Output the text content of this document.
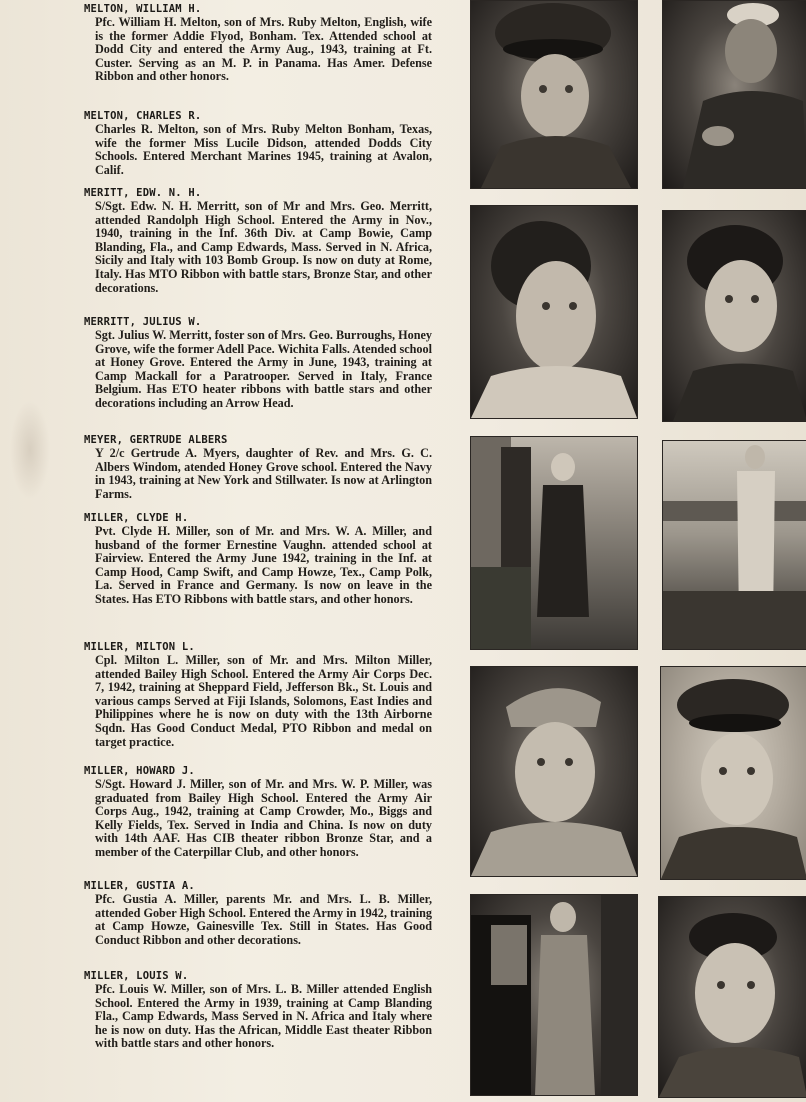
MELTON, WILLIAM H.

Pfc. William H. Melton, son of Mrs. Ruby Melton, English, wife is the former Addie Flyod, Bonham. Tex. Attended school at Dodd City and entered the Army Aug., 1943, training at Ft. Custer. Serving as an M. P. in Panama. Has Amer. Defense Ribbon and other honors.

MELTON, CHARLES R.

Charles R. Melton, son of Mrs. Ruby Melton Bonham, Texas, wife the former Miss Lucile Didson, attended Dodds City Schools. Entered Merchant Marines 1945, training at Avalon, Calif.

MERITT, EDW. N. H.

S/Sgt. Edw. N. H. Merritt, son of Mr and Mrs. Geo. Merritt, attended Randolph High School. Entered the Army in Nov., 1940, training in the Inf. 36th Div. at Camp Bowie, Camp Blanding, Fla., and Camp Edwards, Mass. Served in N. Africa, Sicily and Italy with 103 Bomb Group. Is now on duty at Rome, Italy. Has MTO Ribbon with battle stars, Bronze Star, and other decorations.

MERRITT, JULIUS W.

Sgt. Julius W. Merritt, foster son of Mrs. Geo. Burroughs, Honey Grove, wife the former Adell Pace. Wichita Falls. Atended school at Honey Grove. Entered the Army in June, 1943, training at Camp Mackall for a Paratrooper. Served in Italy, France Belgium. Has ETO heater ribbons with battle stars and other decorations including an Arrow Head.

MEYER, GERTRUDE ALBERS

Y 2/c Gertrude A. Myers, daughter of Rev. and Mrs. G. C. Albers Windom, atended Honey Grove school. Entered the Navy in 1943, training at New York and Stillwater. Is now at Arlington Farms.

MILLER, CLYDE H.

Pvt. Clyde H. Miller, son of Mr. and Mrs. W. A. Miller, and husband of the former Ernestine Vaughn. attended school at Fairview. Entered the Army June 1942, training in the Inf. at Camp Hood, Camp Swift, and Camp Howze, Tex., Camp Polk, La. Served in France and Germany. Is now on leave in the States. Has ETO Ribbons with battle stars, and other honors.

MILLER, MILTON L.

Cpl. Milton L. Miller, son of Mr. and Mrs. Milton Miller, attended Bailey High School. Entered the Army Air Corps Dec. 7, 1942, training at Sheppard Field, Jefferson Bk., St. Louis and various camps Served at Fiji Islands, Solomons, East Indies and Philippines where he is now on duty with the 13th Airborne Sqdn. Has Good Conduct Medal, PTO Ribbon and medal on target practice.

MILLER, HOWARD J.

S/Sgt. Howard J. Miller, son of Mr. and Mrs. W. P. Miller, was graduated from Bailey High School. Entered the Army Air Corps Aug., 1942, training at Camp Crowder, Mo., Biggs and Kelly Fields, Tex. Served in India and China. Is now on duty with 14th AAF. Has CIB theater ribbon Bronze Star, and a member of the Caterpillar Club, and other honors.

MILLER, GUSTIA A.

Pfc. Gustia A. Miller, parents Mr. and Mrs. L. B. Miller, attended Gober High School. Entered the Army in 1942, training at Camp Howze, Gainesville Tex. Still in States. Has Good Conduct Ribbon and other decorations.

MILLER, LOUIS W.

Pfc. Louis W. Miller, son of Mrs. L. B. Miller attended English School. Entered the Army in 1939, training at Camp Blanding Fla., Camp Edwards, Mass Served in N. Africa and Italy where he is now on duty. Has the African, Middle East theater Ribbon with battle stars and other honors.
